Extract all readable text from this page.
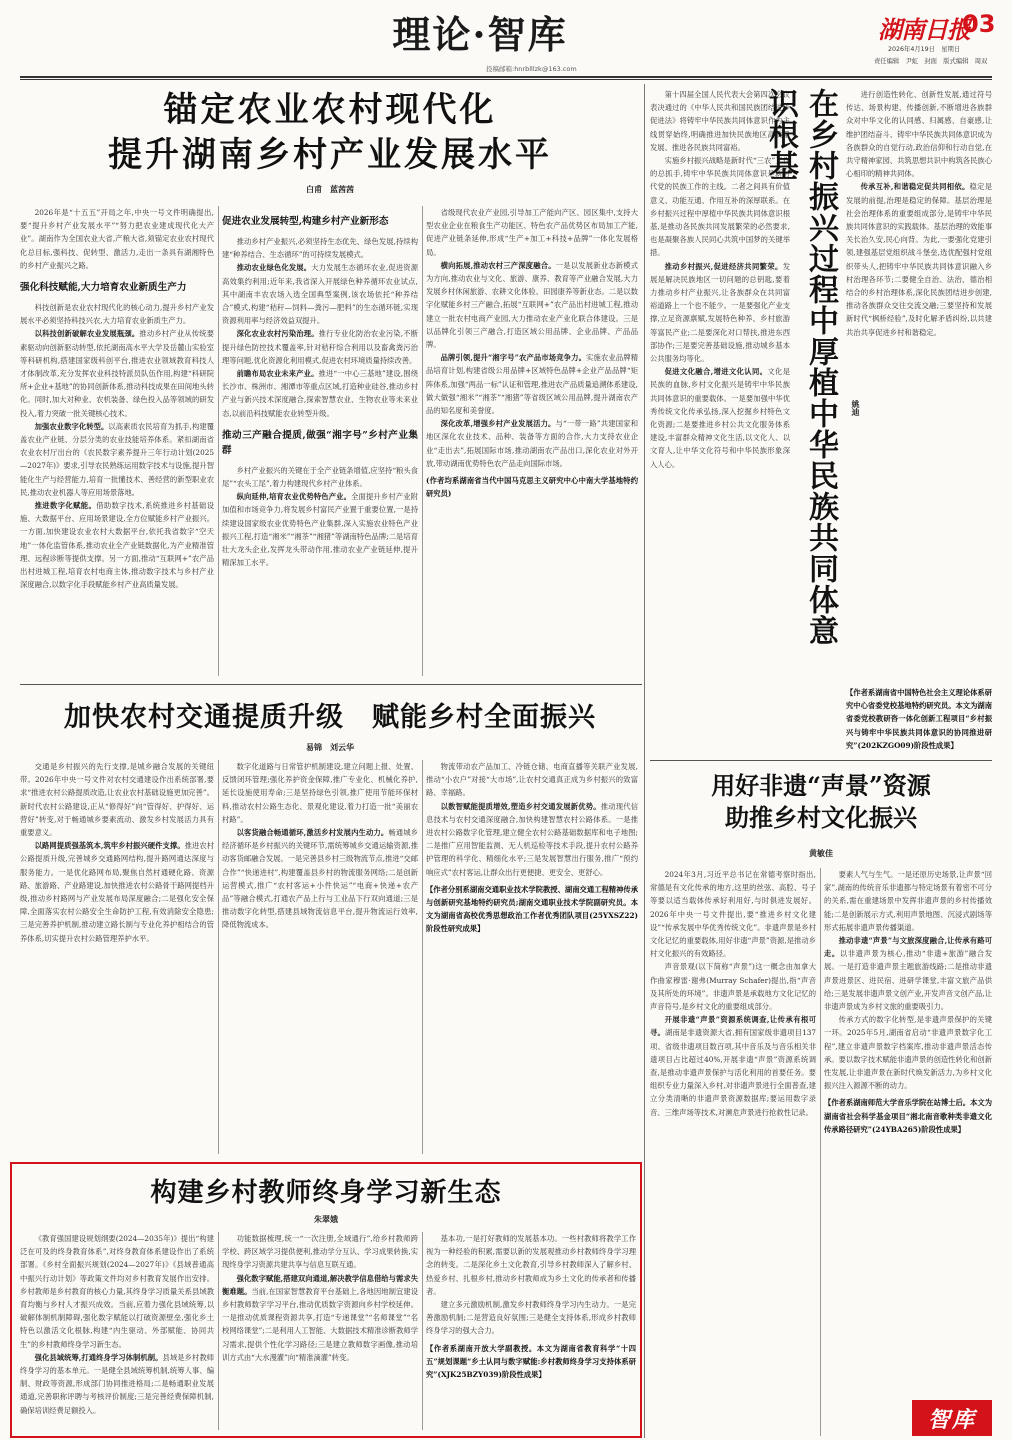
理论·智库
投稿邮箱:hnrblllzk@163.com
湖南日报
03
2026年4月19日　星期日
责任编辑　尹虹　封面　版式编辑　周双
锚定农业农村现代化
提升湖南乡村产业发展水平
白甫　蓝茜茜

2026年是“十五五”开局之年,中央一号文件明确提出,要“提升乡村产业发展水平”“努力把农业建成现代化大产业”。湖南作为全国农业大省,产粮大省,须锚定农业农村现代化总目标,强科技、促转型、激活力,走出一条具有湖湘特色的乡村产业振兴之路。

强化科技赋能,大力培育农业新质生产力

科技创新是农业农村现代化的核心动力,提升乡村产业发展水平必须坚持科技兴农,大力培育农业新质生产力。

以科技创新破解农业发展瓶颈。推动乡村产业从传统要素驱动向创新驱动转型,依托湖南高水平大学及岳麓山实验室等科研机构,搭建国家级科创平台,推进农业领域教育科技人才体制改革,充分发挥农业科技特派员队伍作用,构建“科研院所+企业+基地”的协同创新体系,推动科技成果在田间地头转化。同时,加大对种业、农机装备、绿色投入品等领域的研发投入,着力突破一批关键核心技术。

加强农业数字化转型。以高素质农民培育为抓手,构建覆盖农业产业链、分层分类的农业技能培养体系。紧扣湖南省农业农村厅出台的《农民数字素养提升三年行动计划(2025—2027年)》要求,引导农民熟练运用数字技术与设施,提升智能化生产与经营能力,培育一批懂技术、善经营的新型职业农民,推动农业机器人等应用场景落地。

推进数字化赋能。借助数字技术,系统推进乡村基础设施、大数据平台、应用场景建设,全方位赋能乡村产业振兴。一方面,加快建设农业农村大数据平台,依托我省数字“空天地”一体化监管体系,推动农业全产业链数据化,为产业精准管理、远程诊断等提供支撑。另一方面,推动“互联网+”农产品出村进城工程,培育农村电商主体,推动数字技术与乡村产业深度融合,以数字化手段赋能乡村产业高质量发展。

促进农业发展转型,构建乡村产业新形态

推动乡村产业振兴,必须坚持生态优先、绿色发展,持续构建“种养结合、生态循环”的可持续发展模式。

推动农业绿色化发展。大力发展生态循环农业,促进资源高效集约利用;近年来,我省深入开展绿色种养循环农业试点,其中湖南丰农农场入选全国典型案例,该农场依托“种养结合”模式,构建“秸秆—饲料—粪污—肥料”的生态循环链,实现资源利用率与经济效益双提升。

深化农业农村污染治理。推行专业化防治农业污染,不断提升绿色防控技术覆盖率,针对秸秆综合利用以及畜禽粪污治理等问题,优化资源化利用模式,促进农村环境质量持续改善。

前瞻布局农业未来产业。推进“一中心三基地”建设,围绕长沙市、株洲市、湘潭市等重点区域,打造种业硅谷,推动乡村产业与新兴技术深度融合,探索智慧农业、生物农业等未来业态,以前沿科技赋能农业转型升级。

推动三产融合提质,做强“湘字号”乡村产业集群

乡村产业振兴的关键在于全产业链条增值,应坚持“粮头食尾”“农头工尾”,着力构建现代乡村产业体系。

纵向延伸,培育农业优势特色产业。全面提升乡村产业附加值和市场竞争力,将发展乡村富民产业置于重要位置,一是持续建设国家级农业优势特色产业集群,深入实施农业特色产业振兴工程,打造“湘米”“湘茶”“湘猪”等湖南特色品牌;二是培育壮大龙头企业,发挥龙头带动作用,推动农业产业链延伸,提升精深加工水平。

省级现代农业产业园,引导加工产能向产区、园区集中,支持大型农业企业在粮食生产功能区、特色农产品优势区布局加工产能,促进产业链条延伸,形成“生产+加工+科技+品牌”一体化发展格局。

横向拓展,推动农村三产深度融合。一是以发展新业态新模式为方向,推动农业与文化、旅游、康养、教育等产业融合发展,大力发展乡村休闲旅游、农耕文化体验、田园康养等新业态。二是以数字化赋能乡村三产融合,拓展“互联网+”农产品出村进城工程,推动建立一批农村电商产业园,大力推动农业产业化联合体建设。三是以品牌化引领三产融合,打造区域公用品牌、企业品牌、产品品牌。

品牌引领,提升“湘字号”农产品市场竞争力。实施农业品牌精品培育计划,构建省级公用品牌+区域特色品牌+企业产品品牌“矩阵体系,加强“两品一标”认证和管理,推进农产品质量追溯体系建设,做大做强“湘米”“湘茶”“湘猪”等省级区域公用品牌,提升湖南农产品的知名度和美誉度。

深化改革,增强乡村产业发展活力。与“一带一路”共建国家和地区深化农业技术、品种、装备等方面的合作,大力支持农业企业“走出去”,拓展国际市场,推动湖南农产品出口,深化农业对外开放,带动湖南优势特色农产品走向国际市场。

(作者均系湖南省当代中国马克思主义研究中心中南大学基地特约研究员)

第十四届全国人民代表大会第四次会议表决通过的《中华人民共和国民族团结进步促进法》将铸牢中华民族共同体意识作为主线贯穿始终,明确推进加快民族地区高质量发展、推进各民族共同富裕。

实施乡村振兴战略是新时代“三农”工作的总抓手,铸牢中华民族共同体意识是新时代党的民族工作的主线。二者之间具有价值意义、功能互通、作用互补的深厚联系。在乡村振兴过程中厚植中华民族共同体意识根基,是推动各民族共同发展繁荣的必然要求,也是凝聚各族人民同心共筑中国梦的关键举措。

推动乡村振兴,促进经济共同繁荣。发展是解决民族地区一切问题的总钥匙,要着力推动乡村产业振兴,让各族群众在共同富裕道路上一个也不能少。一是要强化产业支撑,立足资源禀赋,发展特色种养、乡村旅游等富民产业;二是要深化对口帮扶,推进东西部协作;三是要完善基础设施,推动城乡基本公共服务均等化。

促进文化融合,增进文化认同。文化是民族的血脉,乡村文化振兴是铸牢中华民族共同体意识的重要载体。一是要加强中华优秀传统文化传承弘扬,深入挖掘乡村特色文化资源;二是要推进乡村公共文化服务体系建设,丰富群众精神文化生活,以文化人、以文育人,让中华文化符号和中华民族形象深入人心。	在乡村振兴过程中厚植中华民族共同体意识根基
姚迪

进行创造性转化、创新性发展,通过符号传达、场景构建、传播创新,不断增进各族群众对中华文化的认同感、归属感、自豪感,让维护团结奋斗、铸牢中华民族共同体意识成为各族群众的自觉行动,政治信仰和行动自觉,在共守精神家园、共筑思想共识中构筑各民族心心相印的精神共同体。

传承互补,和谐稳定促共同相依。稳定是发展的前提,治理是稳定的保障。基层治理是社会治理体系的重要组成部分,是铸牢中华民族共同体意识的实践载体。基层治理的效能事关长治久安,民心向背。为此,一要强化党建引领,建强基层党组织战斗堡垒,选优配强村党组织带头人,把铸牢中华民族共同体意识融入乡村治理各环节;二要健全自治、法治、德治相结合的乡村治理体系,深化民族团结进步创建,推动各族群众交往交流交融;三要坚持和发展新时代“枫桥经验”,及时化解矛盾纠纷,以共建共治共享促进乡村和谐稳定。

【作者系湖南省中国特色社会主义理论体系研究中心省委党校基地特约研究员。本文为湖南省委党校教研咨一体化创新工程项目“乡村振兴与铸牢中华民族共同体意识的协同推进研究”(202KZGO09)阶段性成果】

加快农村交通提质升级　赋能乡村全面振兴
易锦　刘云华

交通是乡村振兴的先行支撑,是城乡融合发展的关键纽带。2026年中央一号文件对农村交通建设作出系统部署,要求“推进农村公路提质改造,让农业农村基础设施更加完善”。新时代农村公路建设,正从“修得好”向“管得好、护得好、运营好”转变,对于畅通城乡要素流动、激发乡村发展活力具有重要意义。

以路网提质强基筑本,筑牢乡村振兴硬件支撑。推进农村公路提质升级,完善城乡交通路网结构,提升路网通达深度与服务能力。一是优化路网布局,聚焦自然村通硬化路、资源路、旅游路、产业路建设,加快推进农村公路骨干路网提档升级,推动乡村路网与产业发展布局深度融合;二是强化安全保障,全面落实农村公路安全生命防护工程,有效消除安全隐患;三是完善养护机制,推动建立路长制与专业化养护相结合的管养体系,切实提升农村公路管理养护水平。

数字化道路与日常管护机制建设,建立问题上报、处置、反馈闭环管理;强化养护资金保障,推广专业化、机械化养护,延长设施使用寿命;三是坚持绿色引领,推广使用节能环保材料,推动农村公路生态化、景观化建设,着力打造一批“美丽农村路”。

以客货融合畅通循环,激活乡村发展内生动力。畅通城乡经济循环是乡村振兴的关键环节,需统筹城乡交通运输资源,推动客货邮融合发展。一是完善县乡村三级物流节点,推进“交邮合作”“快递进村”,构建覆盖县乡村的物流服务网络;二是创新运营模式,推广“农村客运+小件快运”“电商+快递+农产品”等融合模式,打通农产品上行与工业品下行双向通道;三是推动数字化转型,搭建县域物流信息平台,提升物流运行效率,降低物流成本。

物流带动农产品加工、冷链仓储、电商直播等关联产业发展,推动“小农户”对接“大市场”,让农村交通真正成为乡村振兴的致富路、幸福路。

以数智赋能提质增效,塑造乡村交通发展新优势。推动现代信息技术与农村交通深度融合,加快构建智慧农村公路体系。一是推进农村公路数字化管理,建立健全农村公路基础数据库和电子地图;二是推广应用智能监测、无人机巡检等技术手段,提升农村公路养护管理的科学化、精细化水平;三是发展智慧出行服务,推广“预约响应式”农村客运,让群众出行更便捷、更安全、更舒心。

【作者分别系湖南交通职业技术学院教授、湖南交通工程精神传承与创新研究基地特约研究员;湖南交通职业技术学院副研究员。本文为湖南省高校优秀思想政治工作者优秀团队项目(25YXSZ22)阶段性研究成果】

用好非遗“声景”资源
助推乡村文化振兴
黄敏佳

2024年3月,习近平总书记在常德考察时指出,常德是有文化传承的地方,这里的丝弦、高腔、号子等要以适当载体传承好利用好,与时俱进发展好。2026年中央一号文件提出,要“推进乡村文化建设”“传承发展中华优秀传统文化”。非遗声景是乡村文化记忆的重要载体,用好非遗“声景”资源,是推动乡村文化振兴的有效路径。

声音景观(以下简称“声景”)这一概念由加拿大作曲家穆雷·谢弗(Murray Schafer)提出,指“声音及其所处的环境”。非遗声景是承载地方文化记忆的声音符号,是乡村文化的重要组成部分。

开展非遗“声景”资源系统调查,让传承有根可寻。湖南是非遗资源大省,拥有国家级非遗项目137项、省级非遗项目数百项,其中音乐及与音乐相关非遗项目占比超过40%,开展非遗“声景”资源系统调查,是推动非遗声景保护与活化利用的首要任务。要组织专业力量深入乡村,对非遗声景进行全面普查,建立分类清晰的非遗声景资源数据库;要运用数字录音、三维声场等技术,对濒危声景进行抢救性记录。

要素人气与生气。一是还原历史场景,让声景“回家”,湖南的传统音乐非遗都与特定场景有着密不可分的关系,需在重建场景中发挥非遗声景的乡村传播效能;二是创新展示方式,利用声景地图、沉浸式剧场等形式拓展非遗声景传播渠道。

推动非遗“声景”与文旅深度融合,让传承有路可走。以非遗声景为核心,推动“非遗+旅游”融合发展。一是打造非遗声景主题旅游线路;二是推动非遗声景进景区、进民宿、进研学课堂,丰富文旅产品供给;三是发展非遗声景文创产业,开发声音文创产品,让非遗声景成为乡村文旅的重要吸引力。

传承方式的数字化转型,是非遗声景保护的关键一环。2025年5月,湖南省启动“非遗声景数字化工程”,建立非遗声景数字档案库,推动非遗声景活态传承。要以数字技术赋能非遗声景的创造性转化和创新性发展,让非遗声景在新时代焕发新活力,为乡村文化振兴注入源源不断的动力。

【作者系湖南师范大学音乐学院在站博士后。本文为湖南省社会科学基金项目“湘北南音歌种类非遗文化传承路径研究”(24YBA265)阶段性成果】

构建乡村教师终身学习新生态
朱翠娥

《教育强国建设规划纲要(2024—2035年)》提出“构建泛在可及的终身教育体系”,对终身教育体系建设作出了系统部署。《乡村全面振兴规划(2024—2027年)》《县域普通高中振兴行动计划》等政策文件均对乡村教育发展作出安排。乡村教师是乡村教育的核心力量,其终身学习质量关系县域教育均衡与乡村人才振兴成效。当前,应着力强化县域统筹,以破解体制机制障碍,强化数字赋能以打破资源壁垒,强化乡土特色以激活文化根脉,构建“内生驱动、外部赋能、协同共生”的乡村教师终身学习新生态。

强化县域统筹,打通终身学习体制机制。县域是乡村教师终身学习的基本单元。一是健全县域统筹机制,统筹人事、编制、财政等资源,形成部门协同推进格局;二是畅通职业发展通道,完善职称评聘与考核评价制度;三是完善经费保障机制,确保培训经费足额投入。

功能数据梳理,统一“一次注册,全域通行”,给乡村教师跨学校、跨区域学习提供便利,推动学分互认、学习成果转换,实现终身学习资源共建共享与信息互联互通。

强化数字赋能,搭建双向通道,解决教学信息借给与需求失衡难题。当前,在国家智慧教育平台基础上,各地因地制宜建设乡村教师数字学习平台,推动优质数字资源向乡村学校延伸。一是推动优质课程资源共享,打造“专递课堂”“名师课堂”“名校网络课堂”;二是利用人工智能、大数据技术精准诊断教师学习需求,提供个性化学习路径;三是建立教师数字画像,推动培训方式由“大水漫灌”向“精准滴灌”转变。

基本功,一是打好教师的发展基本功。一些村教师将教学工作视为一种经验的积累,需要以新的发展观推动乡村教师终身学习理念的转变。二是深化乡土文化教育,引导乡村教师深入了解乡村、热爱乡村、扎根乡村,推动乡村教师成为乡土文化的传承者和传播者。

建立多元激励机制,激发乡村教师终身学习内生动力。一是完善激励机制;二是营造良好氛围;三是健全支持体系,形成乡村教师终身学习的强大合力。

【作者系湖南开放大学副教授。本文为湖南省教育科学“十四五”规划课题“乡土认同与数字赋能:乡村教师终身学习支持体系研究”(XJK25BZY039)阶段性成果】

智库
